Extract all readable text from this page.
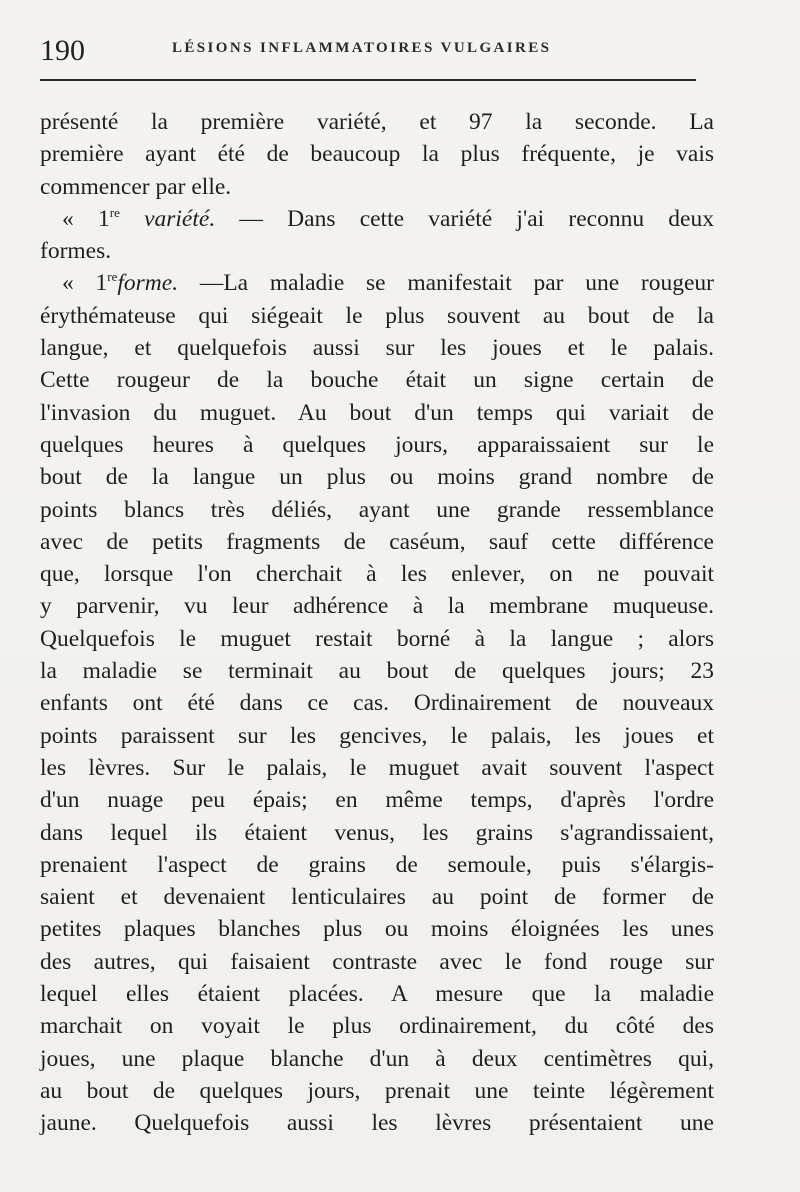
190	LÉSIONS INFLAMMATOIRES VULGAIRES
présenté la première variété, et 97 la seconde. La
première ayant été de beaucoup la plus fréquente, je vais
commencer par elle.
« 1re variété. — Dans cette variété j'ai reconnu deux
formes.
« 1reforme. —La maladie se manifestait par une rougeur
érythémateuse qui siégeait le plus souvent au bout de la
langue, et quelquefois aussi sur les joues et le palais.
Cette rougeur de la bouche était un signe certain de
l'invasion du muguet. Au bout d'un temps qui variait de
quelques heures à quelques jours, apparaissaient sur le
bout de la langue un plus ou moins grand nombre de
points blancs très déliés, ayant une grande ressemblance
avec de petits fragments de caséum, sauf cette différence
que, lorsque l'on cherchait à les enlever, on ne pouvait
y parvenir, vu leur adhérence à la membrane muqueuse.
Quelquefois le muguet restait borné à la langue ; alors
la maladie se terminait au bout de quelques jours; 23
enfants ont été dans ce cas. Ordinairement de nouveaux
points paraissent sur les gencives, le palais, les joues et
les lèvres. Sur le palais, le muguet avait souvent l'aspect
d'un nuage peu épais; en même temps, d'après l'ordre
dans lequel ils étaient venus, les grains s'agrandissaient,
prenaient l'aspect de grains de semoule, puis s'élargis-
saient et devenaient lenticulaires au point de former de
petites plaques blanches plus ou moins éloignées les unes
des autres, qui faisaient contraste avec le fond rouge sur
lequel elles étaient placées. A mesure que la maladie
marchait on voyait le plus ordinairement, du côté des
joues, une plaque blanche d'un à deux centimètres qui,
au bout de quelques jours, prenait une teinte légèrement
jaune. Quelquefois aussi les lèvres présentaient une
